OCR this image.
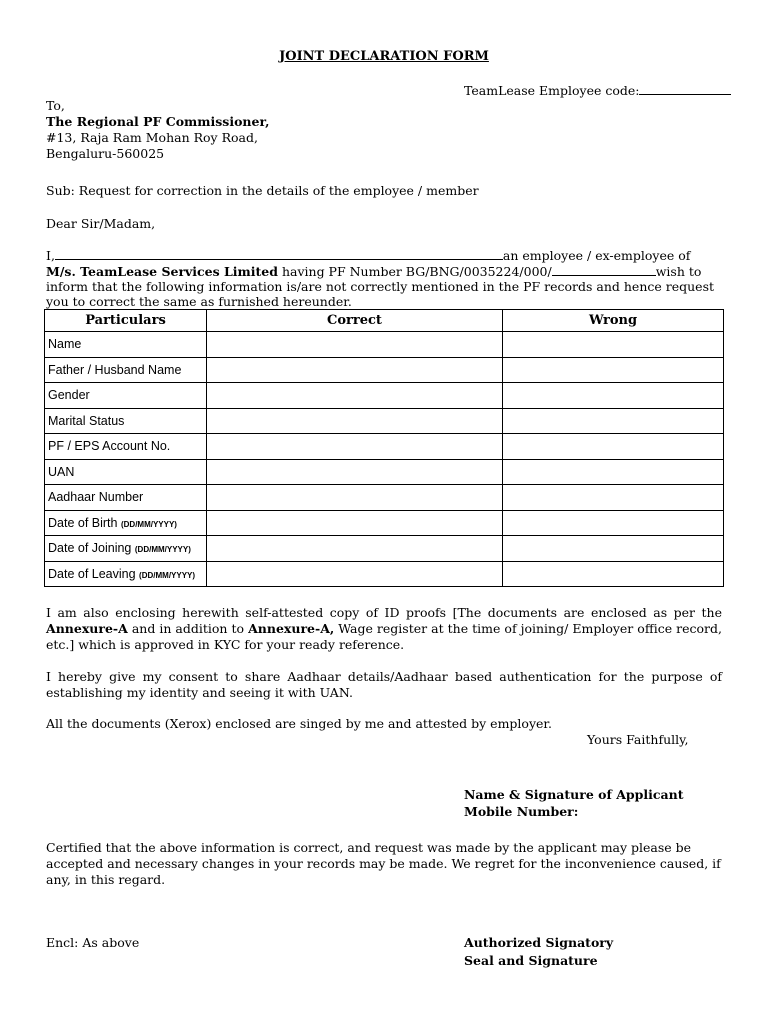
JOINT DECLARATION FORM
TeamLease Employee code:
To,
The Regional PF Commissioner,
#13, Raja Ram Mohan Roy Road,
Bengaluru-560025
Sub: Request for correction in the details of the employee / member
Dear Sir/Madam,
I,	an employee / ex-employee of
M/s. TeamLease Services Limited having PF Number BG/BNG/0035224/000/	wish to
inform that the following information is/are not correctly mentioned in the PF records and hence request
you to correct the same as furnished hereunder.
Particulars	Correct	Wrong
Name		
Father / Husband Name		
Gender		
Marital Status		
PF / EPS Account No.		
UAN		
Aadhaar Number		
Date of Birth (DD/MM/YYYY)		
Date of Joining (DD/MM/YYYY)		
Date of Leaving (DD/MM/YYYY)		
I am also enclosing herewith self-attested copy of ID proofs [The documents are enclosed as per the Annexure-A and in addition to Annexure-A, Wage register at the time of joining/ Employer office record, etc.] which is approved in KYC for your ready reference.
I hereby give my consent to share Aadhaar details/Aadhaar based authentication for the purpose of establishing my identity and seeing it with UAN.
All the documents (Xerox) enclosed are singed by me and attested by employer.
Yours Faithfully,
Name & Signature of Applicant
Mobile Number:
Certified that the above information is correct, and request was made by the applicant may please be accepted and necessary changes in your records may be made. We regret for the inconvenience caused, if any, in this regard.
Encl: As above	Authorized Signatory
Seal and Signature
